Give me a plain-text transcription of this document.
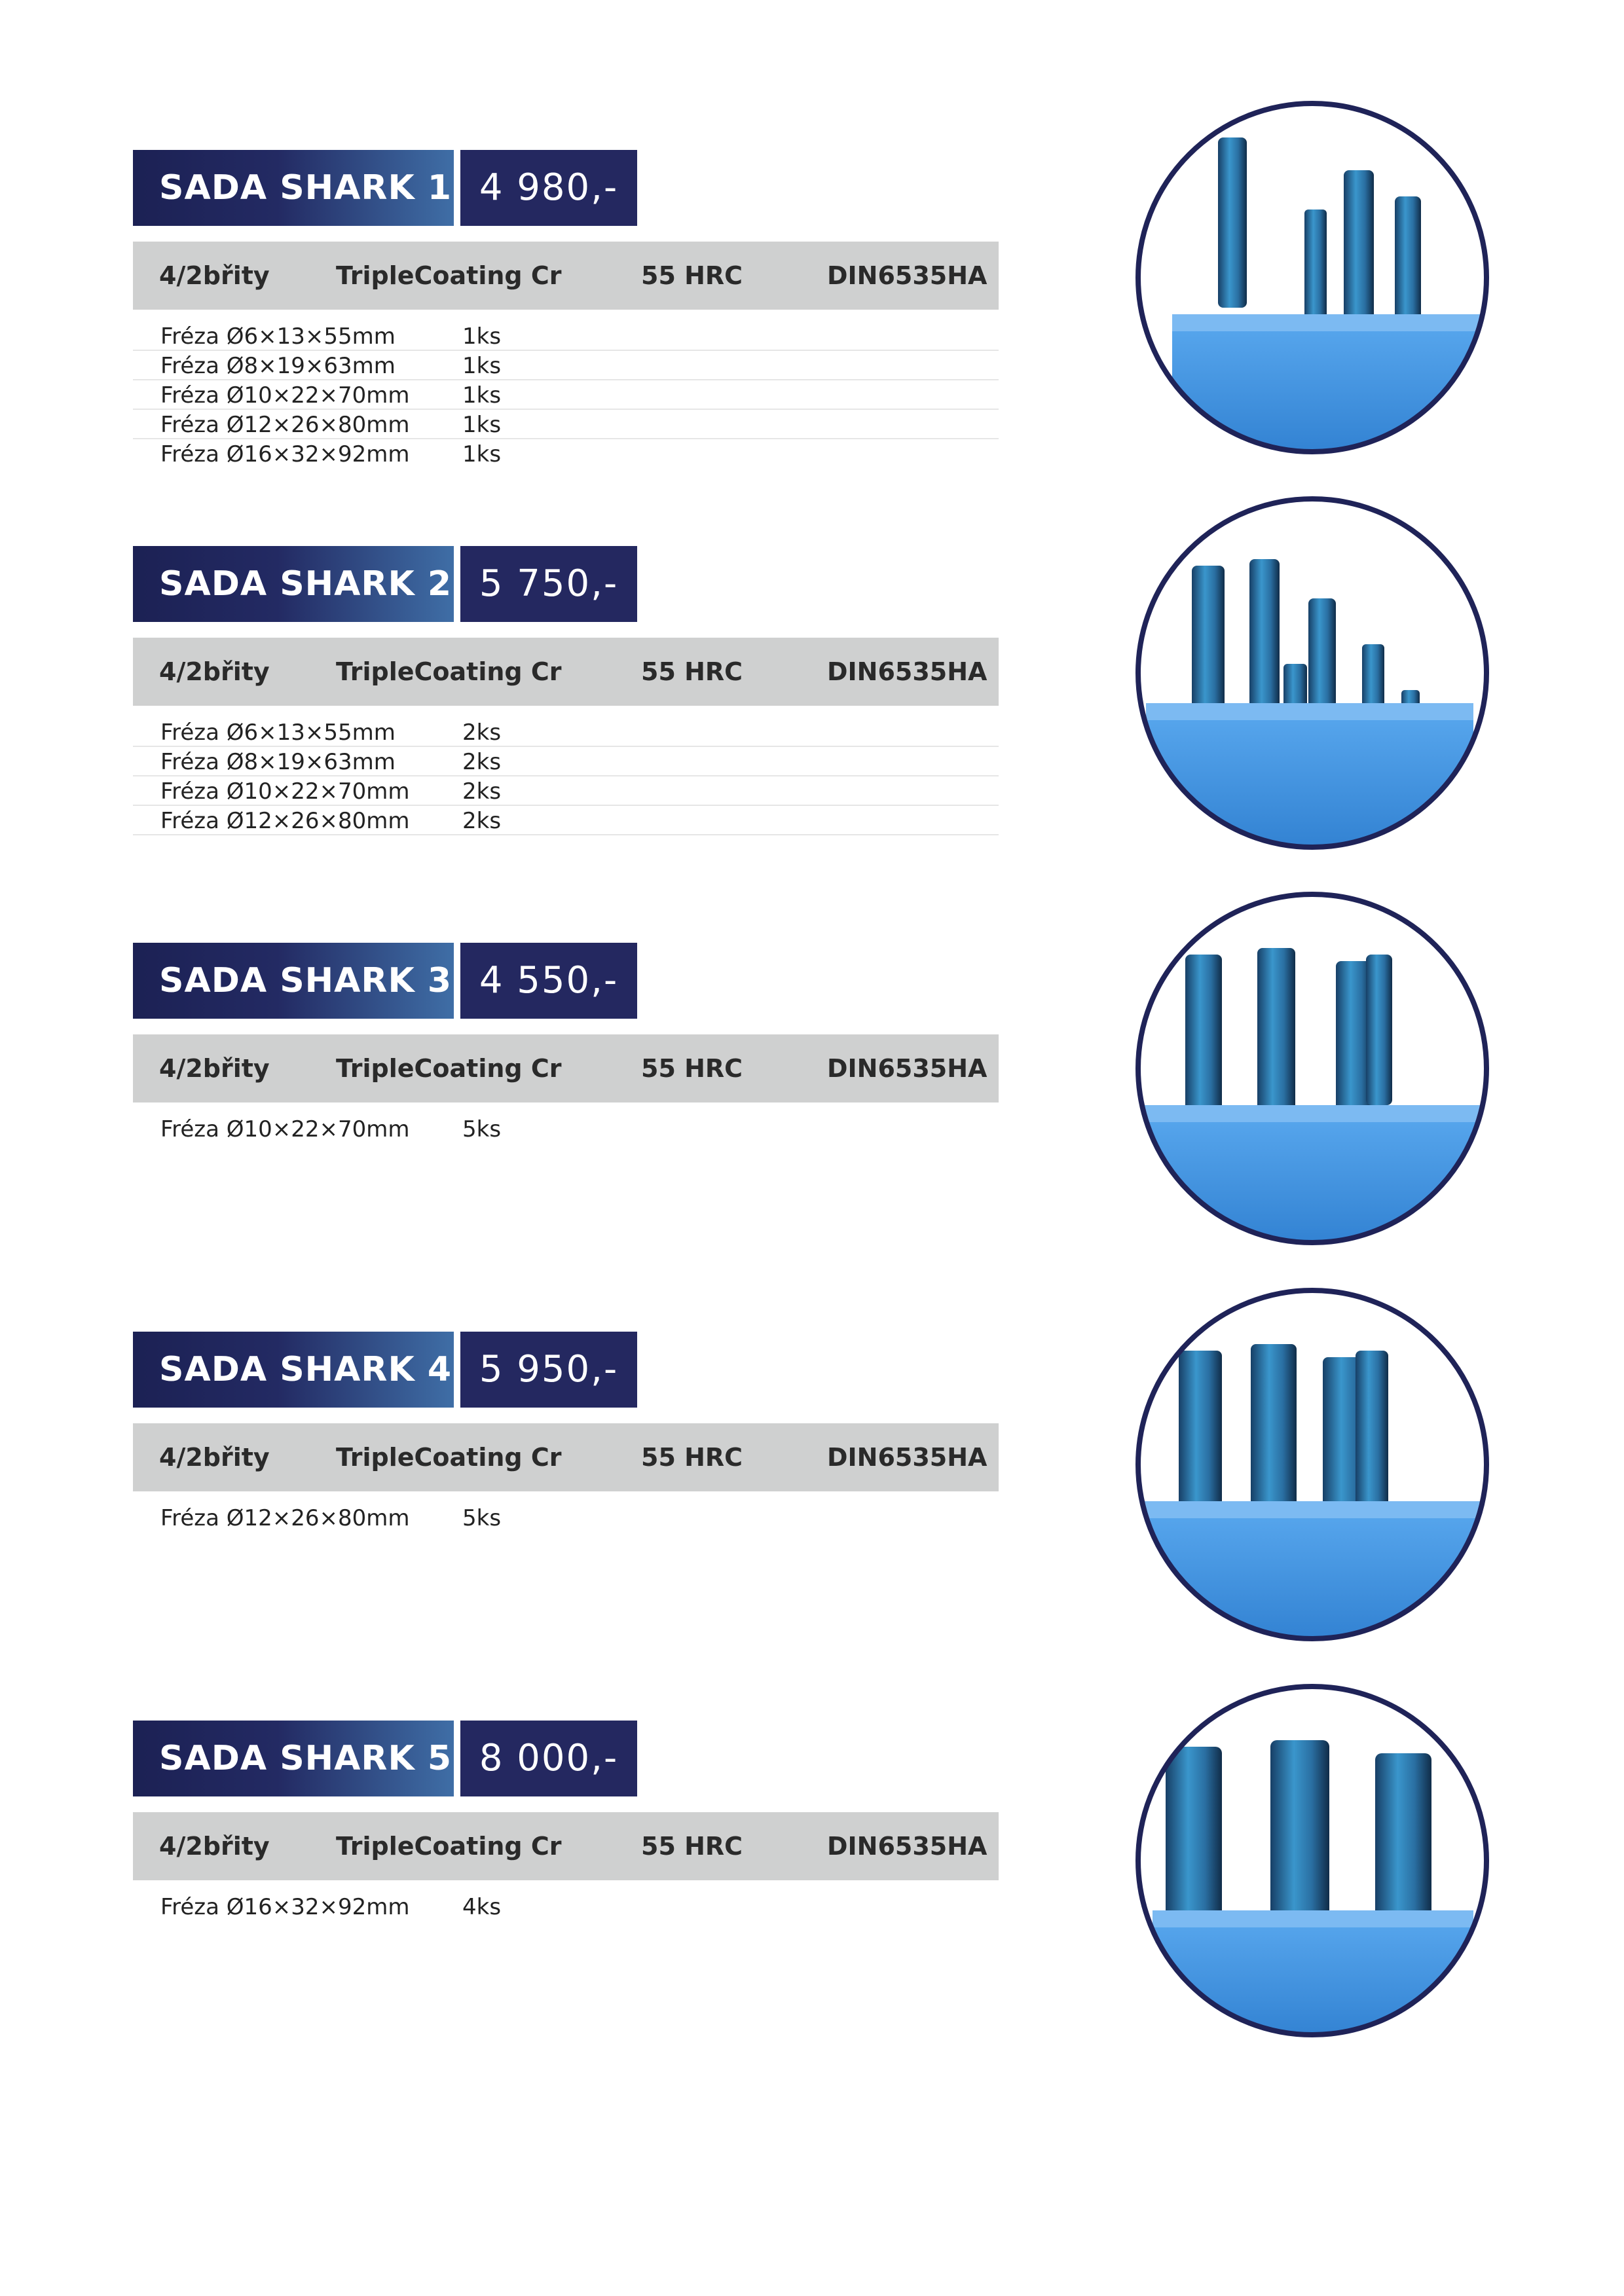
SADA SHARK 1 4 980,-
4/2břity	TripleCoating Cr	55 HRC	DIN6535HA
Fréza Ø6×13×55mm	1ks
Fréza Ø8×19×63mm	1ks
Fréza Ø10×22×70mm 1ks
Fréza Ø12×26×80mm 1ks
Fréza Ø16×32×92mm 1ks
SADA SHARK 2 5 750,-
4/2břity	TripleCoating Cr	55 HRC	DIN6535HA
Fréza Ø6×13×55mm	2ks
Fréza Ø8×19×63mm	2ks
Fréza Ø10×22×70mm 2ks
Fréza Ø12×26×80mm 2ks
SADA SHARK 3 4 550,-
4/2břity	TripleCoating Cr	55 HRC	DIN6535HA
Fréza Ø10×22×70mm 5ks
SADA SHARK 4 5 950,-
4/2břity	TripleCoating Cr	55 HRC	DIN6535HA
Fréza Ø12×26×80mm 5ks
SADA SHARK 5 8 000,-
4/2břity	TripleCoating Cr	55 HRC	DIN6535HA
Fréza Ø16×32×92mm 4ks
